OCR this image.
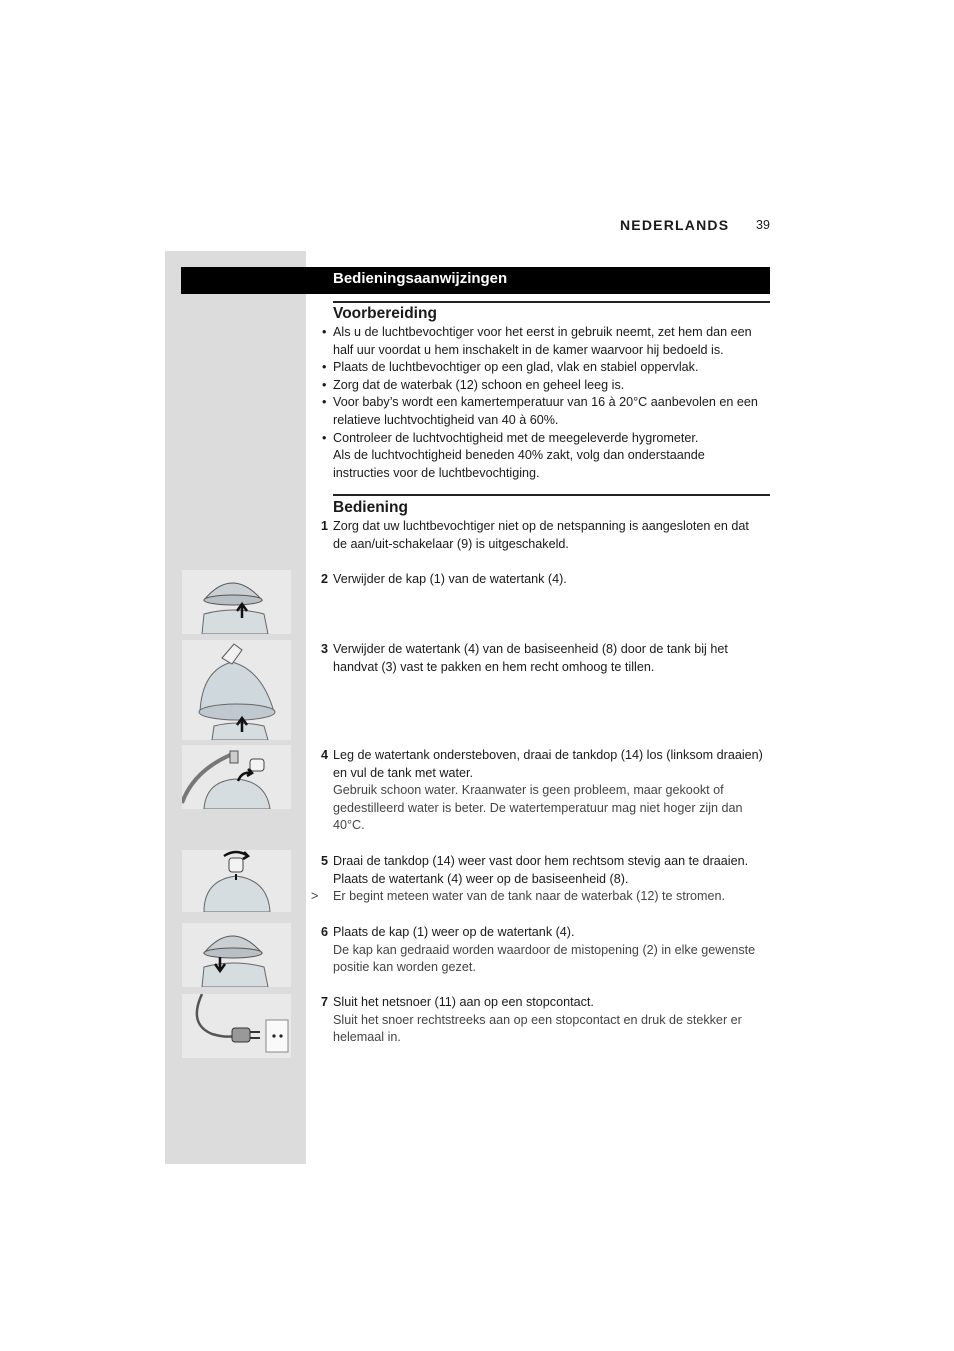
NEDERLANDS 39
Bedieningsaanwijzingen
Voorbereiding
• Als u de luchtbevochtiger voor het eerst in gebruik neemt, zet hem dan een half uur voordat u hem inschakelt in de kamer waarvoor hij bedoeld is.
• Plaats de luchtbevochtiger op een glad, vlak en stabiel oppervlak.
• Zorg dat de waterbak (12) schoon en geheel leeg is.
• Voor baby’s wordt een kamertemperatuur van 16 à 20°C aanbevolen en een relatieve luchtvochtigheid van 40 à 60%.
• Controleer de luchtvochtigheid met de meegeleverde hygrometer.
Als de luchtvochtigheid beneden 40% zakt, volg dan onderstaande instructies voor de luchtbevochtiging.
Bediening
1 Zorg dat uw luchtbevochtiger niet op de netspanning is aangesloten en dat de aan/uit-schakelaar (9) is uitgeschakeld.
2 Verwijder de kap (1) van de watertank (4).
3 Verwijder de watertank (4) van de basiseenheid (8) door de tank bij het handvat (3) vast te pakken en hem recht omhoog te tillen.
4 Leg de watertank ondersteboven, draai de tankdop (14) los (linksom draaien) en vul de tank met water.
Gebruik schoon water. Kraanwater is geen probleem, maar gekookt of gedestilleerd water is beter. De watertemperatuur mag niet hoger zijn dan 40°C.
5 Draai de tankdop (14) weer vast door hem rechtsom stevig aan te draaien. Plaats de watertank (4) weer op de basiseenheid (8).
> Er begint meteen water van de tank naar de waterbak (12) te stromen.
6 Plaats de kap (1) weer op de watertank (4).
De kap kan gedraaid worden waardoor de mistopening (2) in elke gewenste positie kan worden gezet.
7 Sluit het netsnoer (11) aan op een stopcontact.
Sluit het snoer rechtstreeks aan op een stopcontact en druk de stekker er helemaal in.
